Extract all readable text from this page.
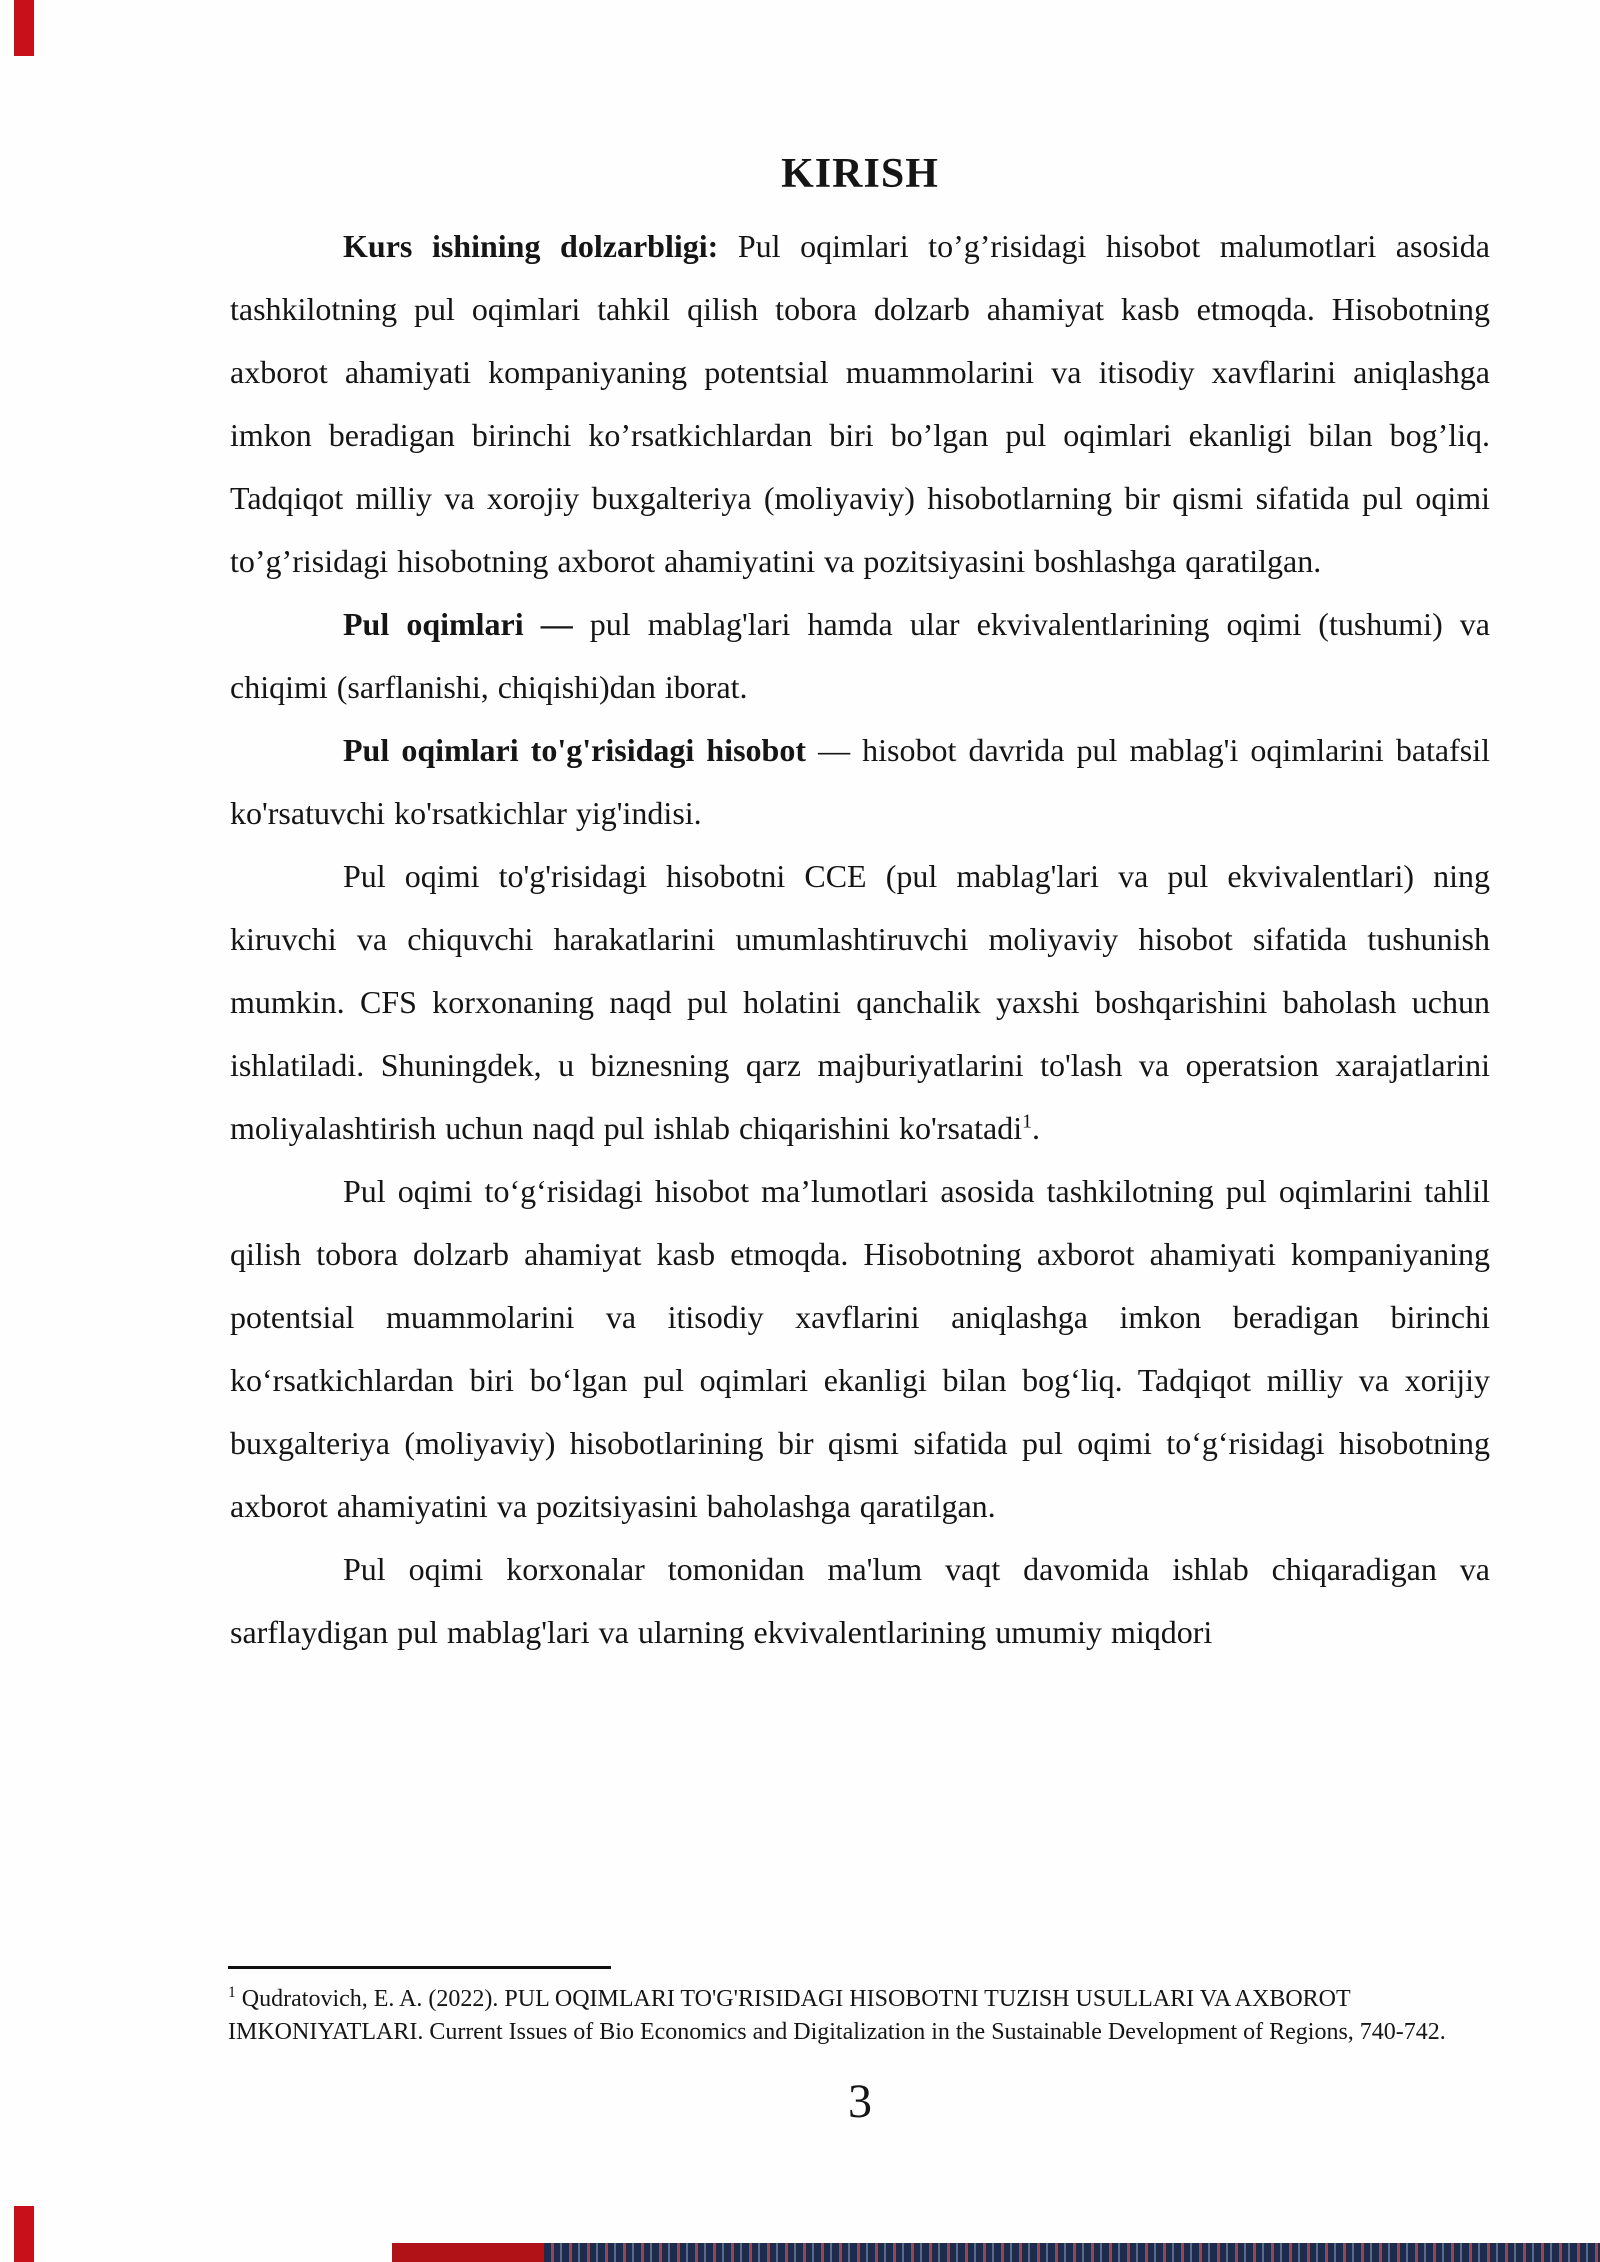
KIRISH

Kurs ishining dolzarbligi: Pul oqimlari to’g’risidagi hisobot malumotlari asosida tashkilotning pul oqimlari tahkil qilish tobora dolzarb ahamiyat kasb etmoqda. Hisobotning axborot ahamiyati kompaniyaning potentsial muammolarini va itisodiy xavflarini aniqlashga imkon beradigan birinchi ko’rsatkichlardan biri bo’lgan pul oqimlari ekanligi bilan bog’liq. Tadqiqot milliy va xorojiy buxgalteriya (moliyaviy) hisobotlarning bir qismi sifatida pul oqimi to’g’risidagi hisobotning axborot ahamiyatini va pozitsiyasini boshlashga qaratilgan.

Pul oqimlari — pul mablag'lari hamda ular ekvivalentlarining oqimi (tushumi) va chiqimi (sarflanishi, chiqishi)dan iborat.

Pul oqimlari to'g'risidagi hisobot — hisobot davrida pul mablag'i oqimlarini batafsil ko'rsatuvchi ko'rsatkichlar yig'indisi.

Pul oqimi to'g'risidagi hisobotni CCE (pul mablag'lari va pul ekvivalentlari) ning kiruvchi va chiquvchi harakatlarini umumlashtiruvchi moliyaviy hisobot sifatida tushunish mumkin. CFS korxonaning naqd pul holatini qanchalik yaxshi boshqarishini baholash uchun ishlatiladi. Shuningdek, u biznesning qarz majburiyatlarini to'lash va operatsion xarajatlarini moliyalashtirish uchun naqd pul ishlab chiqarishini ko'rsatadi$^1$.

Pul oqimi toʻgʻrisidagi hisobot maʼlumotlari asosida tashkilotning pul oqimlarini tahlil qilish tobora dolzarb ahamiyat kasb etmoqda. Hisobotning axborot ahamiyati kompaniyaning potentsial muammolarini va itisodiy xavflarini aniqlashga imkon beradigan birinchi koʻrsatkichlardan biri boʻlgan pul oqimlari ekanligi bilan bogʻliq. Tadqiqot milliy va xorijiy buxgalteriya (moliyaviy) hisobotlarining bir qismi sifatida pul oqimi toʻgʻrisidagi hisobotning axborot ahamiyatini va pozitsiyasini baholashga qaratilgan.

Pul oqimi korxonalar tomonidan ma'lum vaqt davomida ishlab chiqaradigan va sarflaydigan pul mablag'lari va ularning ekvivalentlarining umumiy miqdori

$^1$ Qudratovich, E. A. (2022). PUL OQIMLARI TO'G'RISIDAGI HISOBOTNI TUZISH USULLARI VA AXBOROT IMKONIYATLARI. Current Issues of Bio Economics and Digitalization in the Sustainable Development of Regions, 740-742.
3
